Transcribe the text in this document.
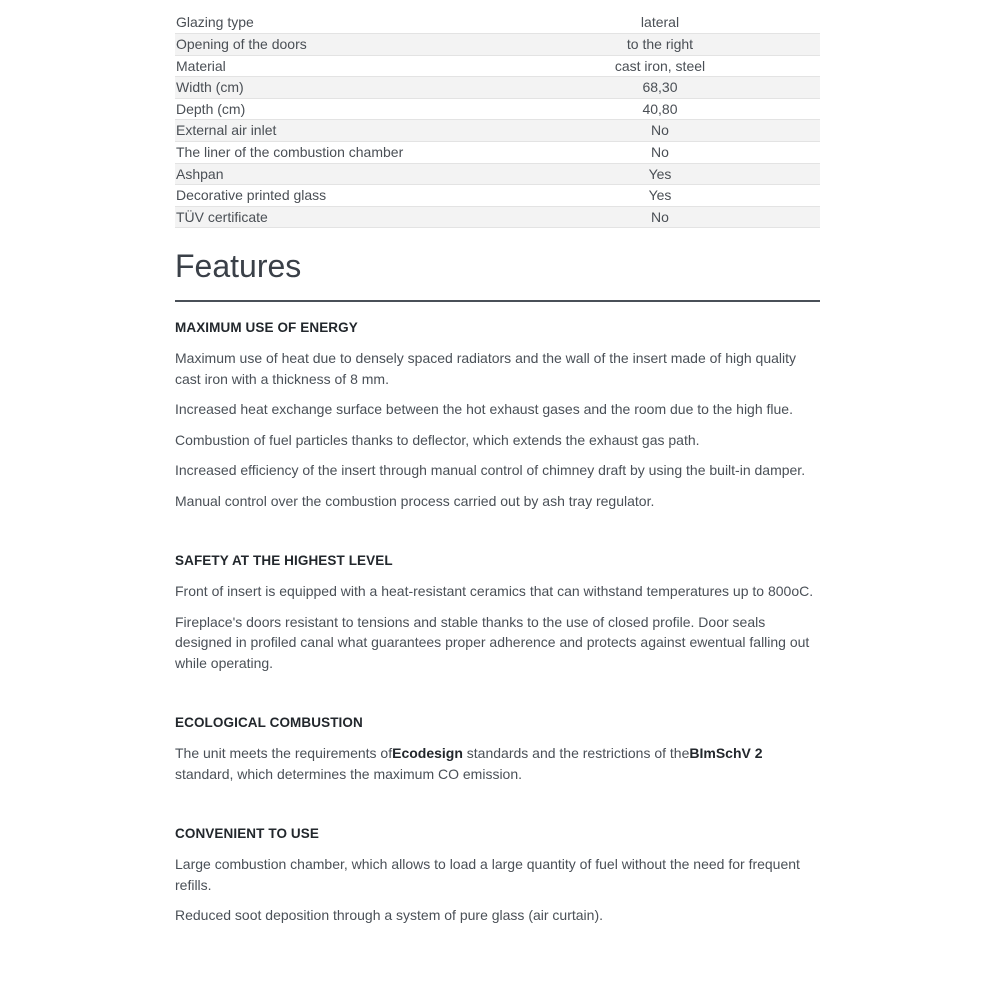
Glazing type	lateral
Opening of the doors	to the right
Material	cast iron, steel
Width (cm)	68,30
Depth (cm)	40,80
External air inlet	No
The liner of the combustion chamber	No
Ashpan	Yes
Decorative printed glass	Yes
TÜV certificate	No
Features
MAXIMUM USE OF ENERGY

Maximum use of heat due to densely spaced radiators and the wall of the insert made of high quality cast iron with a thickness of 8 mm.

Increased heat exchange surface between the hot exhaust gases and the room due to the high flue.

Combustion of fuel particles thanks to deflector, which extends the exhaust gas path.

Increased efficiency of the insert through manual control of chimney draft by using the built-in damper.

Manual control over the combustion process carried out by ash tray regulator.

SAFETY AT THE HIGHEST LEVEL

Front of insert is equipped with a heat-resistant ceramics that can withstand temperatures up to 800oC.

Fireplace's doors resistant to tensions and stable thanks to the use of closed profile. Door seals designed in profiled canal what guarantees proper adherence and protects against ewentual falling out while operating.

ECOLOGICAL COMBUSTION

The unit meets the requirements ofEcodesign standards and the restrictions of theBImSchV 2 standard, which determines the maximum CO emission.

CONVENIENT TO USE

Large combustion chamber, which allows to load a large quantity of fuel without the need for frequent refills.

Reduced soot deposition through a system of pure glass (air curtain).
